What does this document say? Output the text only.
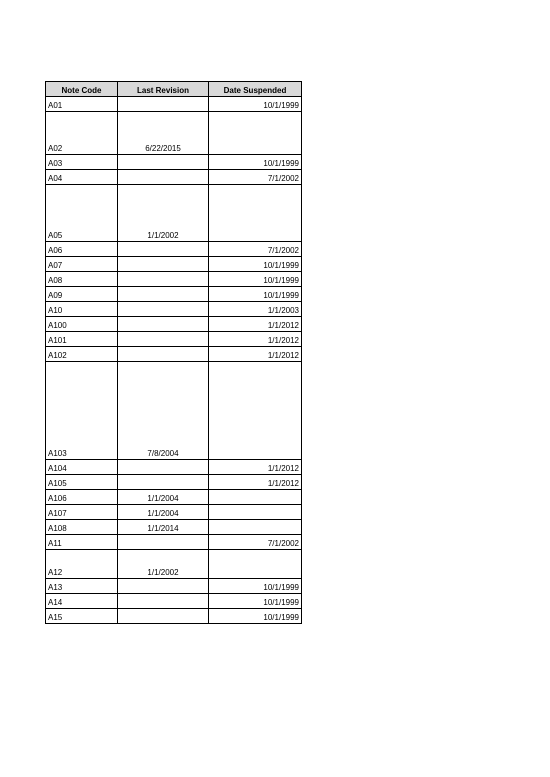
Note Code	Last Revision	Date Suspended
A01		10/1/1999
A02	6/22/2015	
A03		10/1/1999
A04		7/1/2002
A05	1/1/2002	
A06		7/1/2002
A07		10/1/1999
A08		10/1/1999
A09		10/1/1999
A10		1/1/2003
A100		1/1/2012
A101		1/1/2012
A102		1/1/2012
A103	7/8/2004	
A104		1/1/2012
A105		1/1/2012
A106	1/1/2004	
A107	1/1/2004	
A108	1/1/2014	
A11		7/1/2002
A12	1/1/2002	
A13		10/1/1999
A14		10/1/1999
A15		10/1/1999
